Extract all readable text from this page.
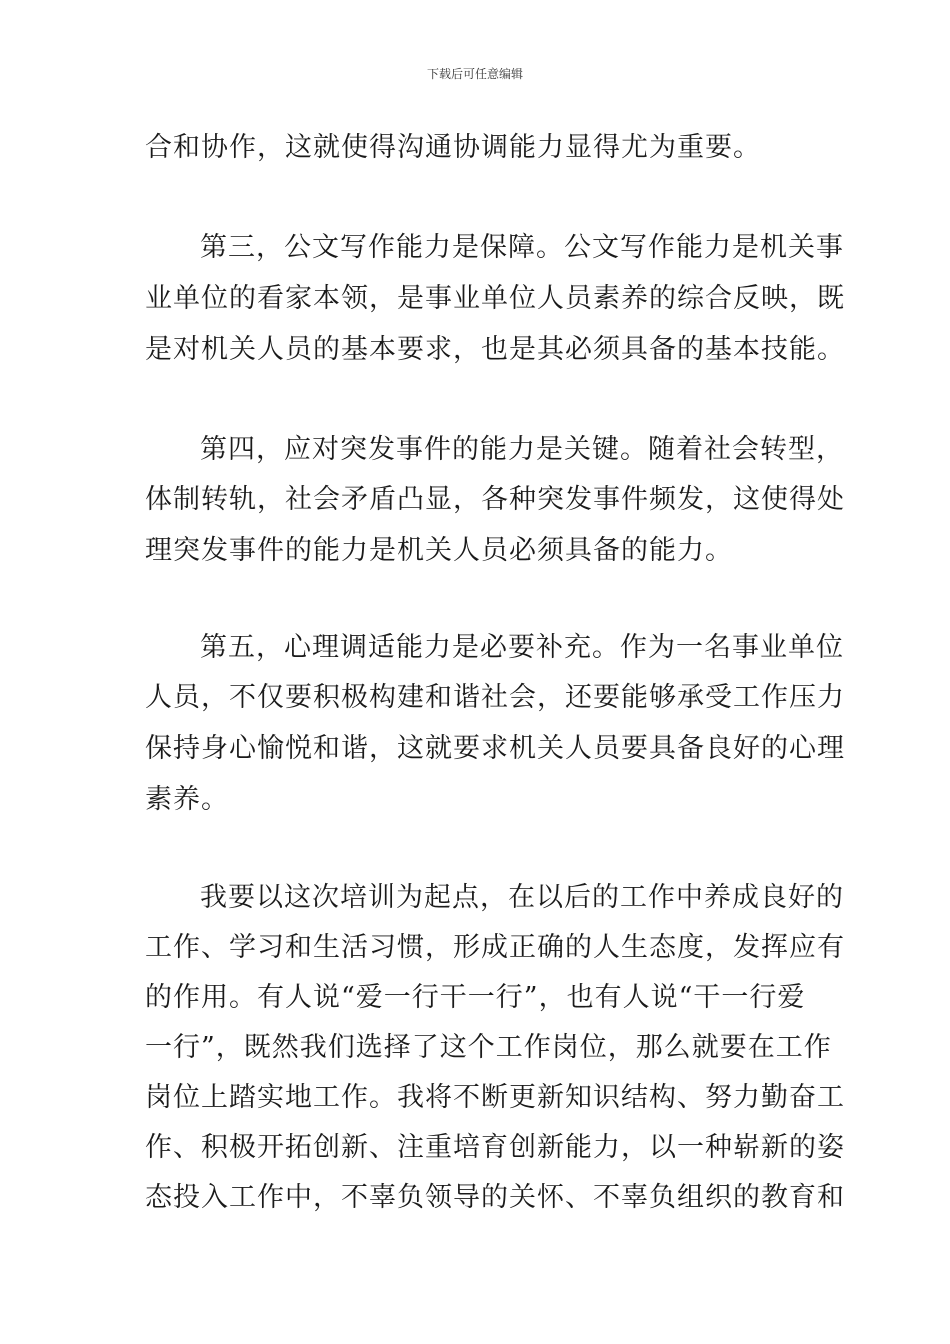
下载后可任意编辑
合和协作，这就使得沟通协调能力显得尤为重要。
第三，公文写作能力是保障。公文写作能力是机关事
业单位的看家本领，是事业单位人员素养的综合反映，既
是对机关人员的基本要求，也是其必须具备的基本技能。
第四，应对突发事件的能力是关键。随着社会转型，
体制转轨，社会矛盾凸显，各种突发事件频发，这使得处
理突发事件的能力是机关人员必须具备的能力。
第五，心理调适能力是必要补充。作为一名事业单位
人员，不仅要积极构建和谐社会，还要能够承受工作压力
保持身心愉悦和谐，这就要求机关人员要具备良好的心理
素养。
我要以这次培训为起点，在以后的工作中养成良好的
工作、学习和生活习惯，形成正确的人生态度，发挥应有
的作用。有人说“爱一行干一行”，也有人说“干一行爱
一行”，既然我们选择了这个工作岗位，那么就要在工作
岗位上踏实地工作。我将不断更新知识结构、努力勤奋工
作、积极开拓创新、注重培育创新能力，以一种崭新的姿
态投入工作中，不辜负领导的关怀、不辜负组织的教育和
